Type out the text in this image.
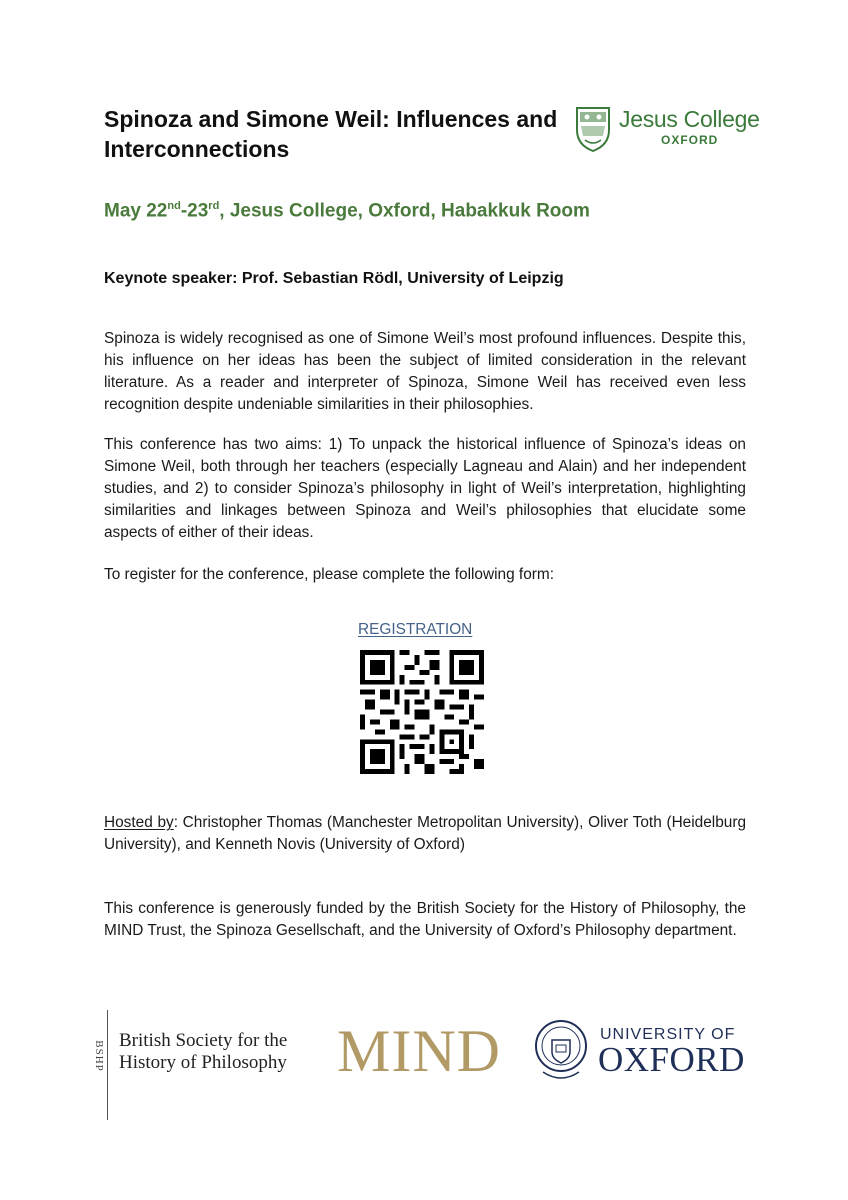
Spinoza and Simone Weil: Influences and Interconnections
Jesus College
OXFORD

May 22nd-23rd, Jesus College, Oxford, Habakkuk Room

Keynote speaker: Prof. Sebastian Rödl, University of Leipzig

Spinoza is widely recognised as one of Simone Weil’s most profound influences. Despite this, his influence on her ideas has been the subject of limited consideration in the relevant literature. As a reader and interpreter of Spinoza, Simone Weil has received even less recognition despite undeniable similarities in their philosophies.

This conference has two aims: 1) To unpack the historical influence of Spinoza’s ideas on Simone Weil, both through her teachers (especially Lagneau and Alain) and her independent studies, and 2) to consider Spinoza’s philosophy in light of Weil’s interpretation, highlighting similarities and linkages between Spinoza and Weil’s philosophies that elucidate some aspects of either of their ideas.

To register for the conference, please complete the following form:

REGISTRATION

Hosted by: Christopher Thomas (Manchester Metropolitan University), Oliver Toth (Heidelburg University), and Kenneth Novis (University of Oxford)

This conference is generously funded by the British Society for the History of Philosophy, the MIND Trust, the Spinoza Gesellschaft, and the University of Oxford’s Philosophy department.

BSHP British Society for the
History of Philosophy MIND	UNIVERSITY OF
OXFORD
